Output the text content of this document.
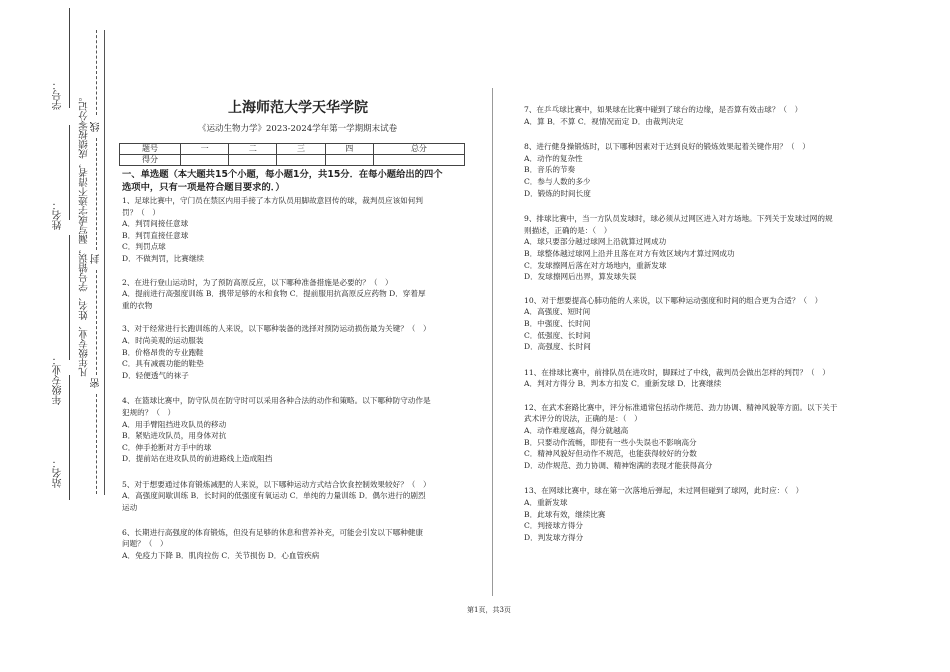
学号：
姓名：
年级专业：
站名：
凡年级专业、姓名、学号错误，漏写或字迹不清者，成绩按零分记。 线
封
密
上海师范大学天华学院
《运动生物力学》2023-2024学年第一学期期末试卷
题号	一	二	三	四	总分
得分					
一、单选题（本大题共15个小题，每小题1分，共15分．在每小题给出的四个
选项中，只有一项是符合题目要求的．）
1、足球比赛中，守门员在禁区内用手接了本方队员用脚故意回传的球，裁判员应该如何判
罚？（　）
A．判罚间接任意球
B．判罚直接任意球
C．判罚点球
D．不做判罚，比赛继续
2、在进行登山运动时，为了预防高原反应，以下哪种准备措施是必要的？（　）
A．提前进行高强度训练 B．携带足够的水和食物 C．提前服用抗高原反应药物 D．穿着厚
重的衣物
3、对于经常进行长跑训练的人来说，以下哪种装备的选择对预防运动损伤最为关键？（　）
A．时尚美观的运动服装
B．价格昂贵的专业跑鞋
C．具有减震功能的鞋垫
D．轻便透气的袜子
4、在篮球比赛中，防守队员在防守时可以采用各种合法的动作和策略。以下哪种防守动作是
犯规的？（　）
A．用手臂阻挡进攻队员的移动
B．紧贴进攻队员，用身体对抗
C．伸手抢断对方手中的球
D．提前站在进攻队员的前进路线上造成阻挡
5、对于想要通过体育锻炼减肥的人来说，以下哪种运动方式结合饮食控制效果较好？（　）
A．高强度间歇训练 B．长时间的低强度有氧运动 C．单纯的力量训练 D．偶尔进行的剧烈
运动
6、长期进行高强度的体育锻炼，但没有足够的休息和营养补充，可能会引发以下哪种健康
问题？（　）
A．免疫力下降 B．肌肉拉伤 C．关节损伤 D．心血管疾病
7、在乒乓球比赛中，如果球在比赛中碰到了球台的边缘，是否算有效击球？（　）
A．算 B．不算 C．视情况而定 D．由裁判决定
8、进行健身操锻炼时，以下哪种因素对于达到良好的锻炼效果起着关键作用？（　）
A．动作的复杂性
B．音乐的节奏
C．参与人数的多少
D．锻炼的时间长度
9、排球比赛中，当一方队员发球时，球必须从过网区进入对方场地。下列关于发球过网的规
则描述，正确的是：（　）
A．球只要部分越过球网上沿就算过网成功
B．球整体越过球网上沿并且落在对方有效区域内才算过网成功
C．发球擦网后落在对方场地内，重新发球
D．发球擦网后出界，算发球失误
10、对于想要提高心肺功能的人来说，以下哪种运动强度和时间的组合更为合适？（　）
A．高强度、短时间
B．中强度、长时间
C．低强度、长时间
D．高强度、长时间
11、在排球比赛中，前排队员在进攻时，脚踩过了中线，裁判员会做出怎样的判罚？（　）
A．判对方得分 B．判本方扣发 C．重新发球 D．比赛继续
12、在武术套路比赛中，评分标准通常包括动作规范、劲力协调、精神风貌等方面。以下关于
武术评分的说法，正确的是：（　）
A．动作难度越高，得分就越高
B．只要动作流畅，即使有一些小失误也不影响高分
C．精神风貌好但动作不规范，也能获得较好的分数
D．动作规范、劲力协调、精神饱满的表现才能获得高分
13、在网球比赛中，球在第一次落地后弹起，未过网但碰到了球网，此时应：（　）
A．重新发球
B．此球有效，继续比赛
C．判接球方得分
D．判发球方得分
第1页，共3页
